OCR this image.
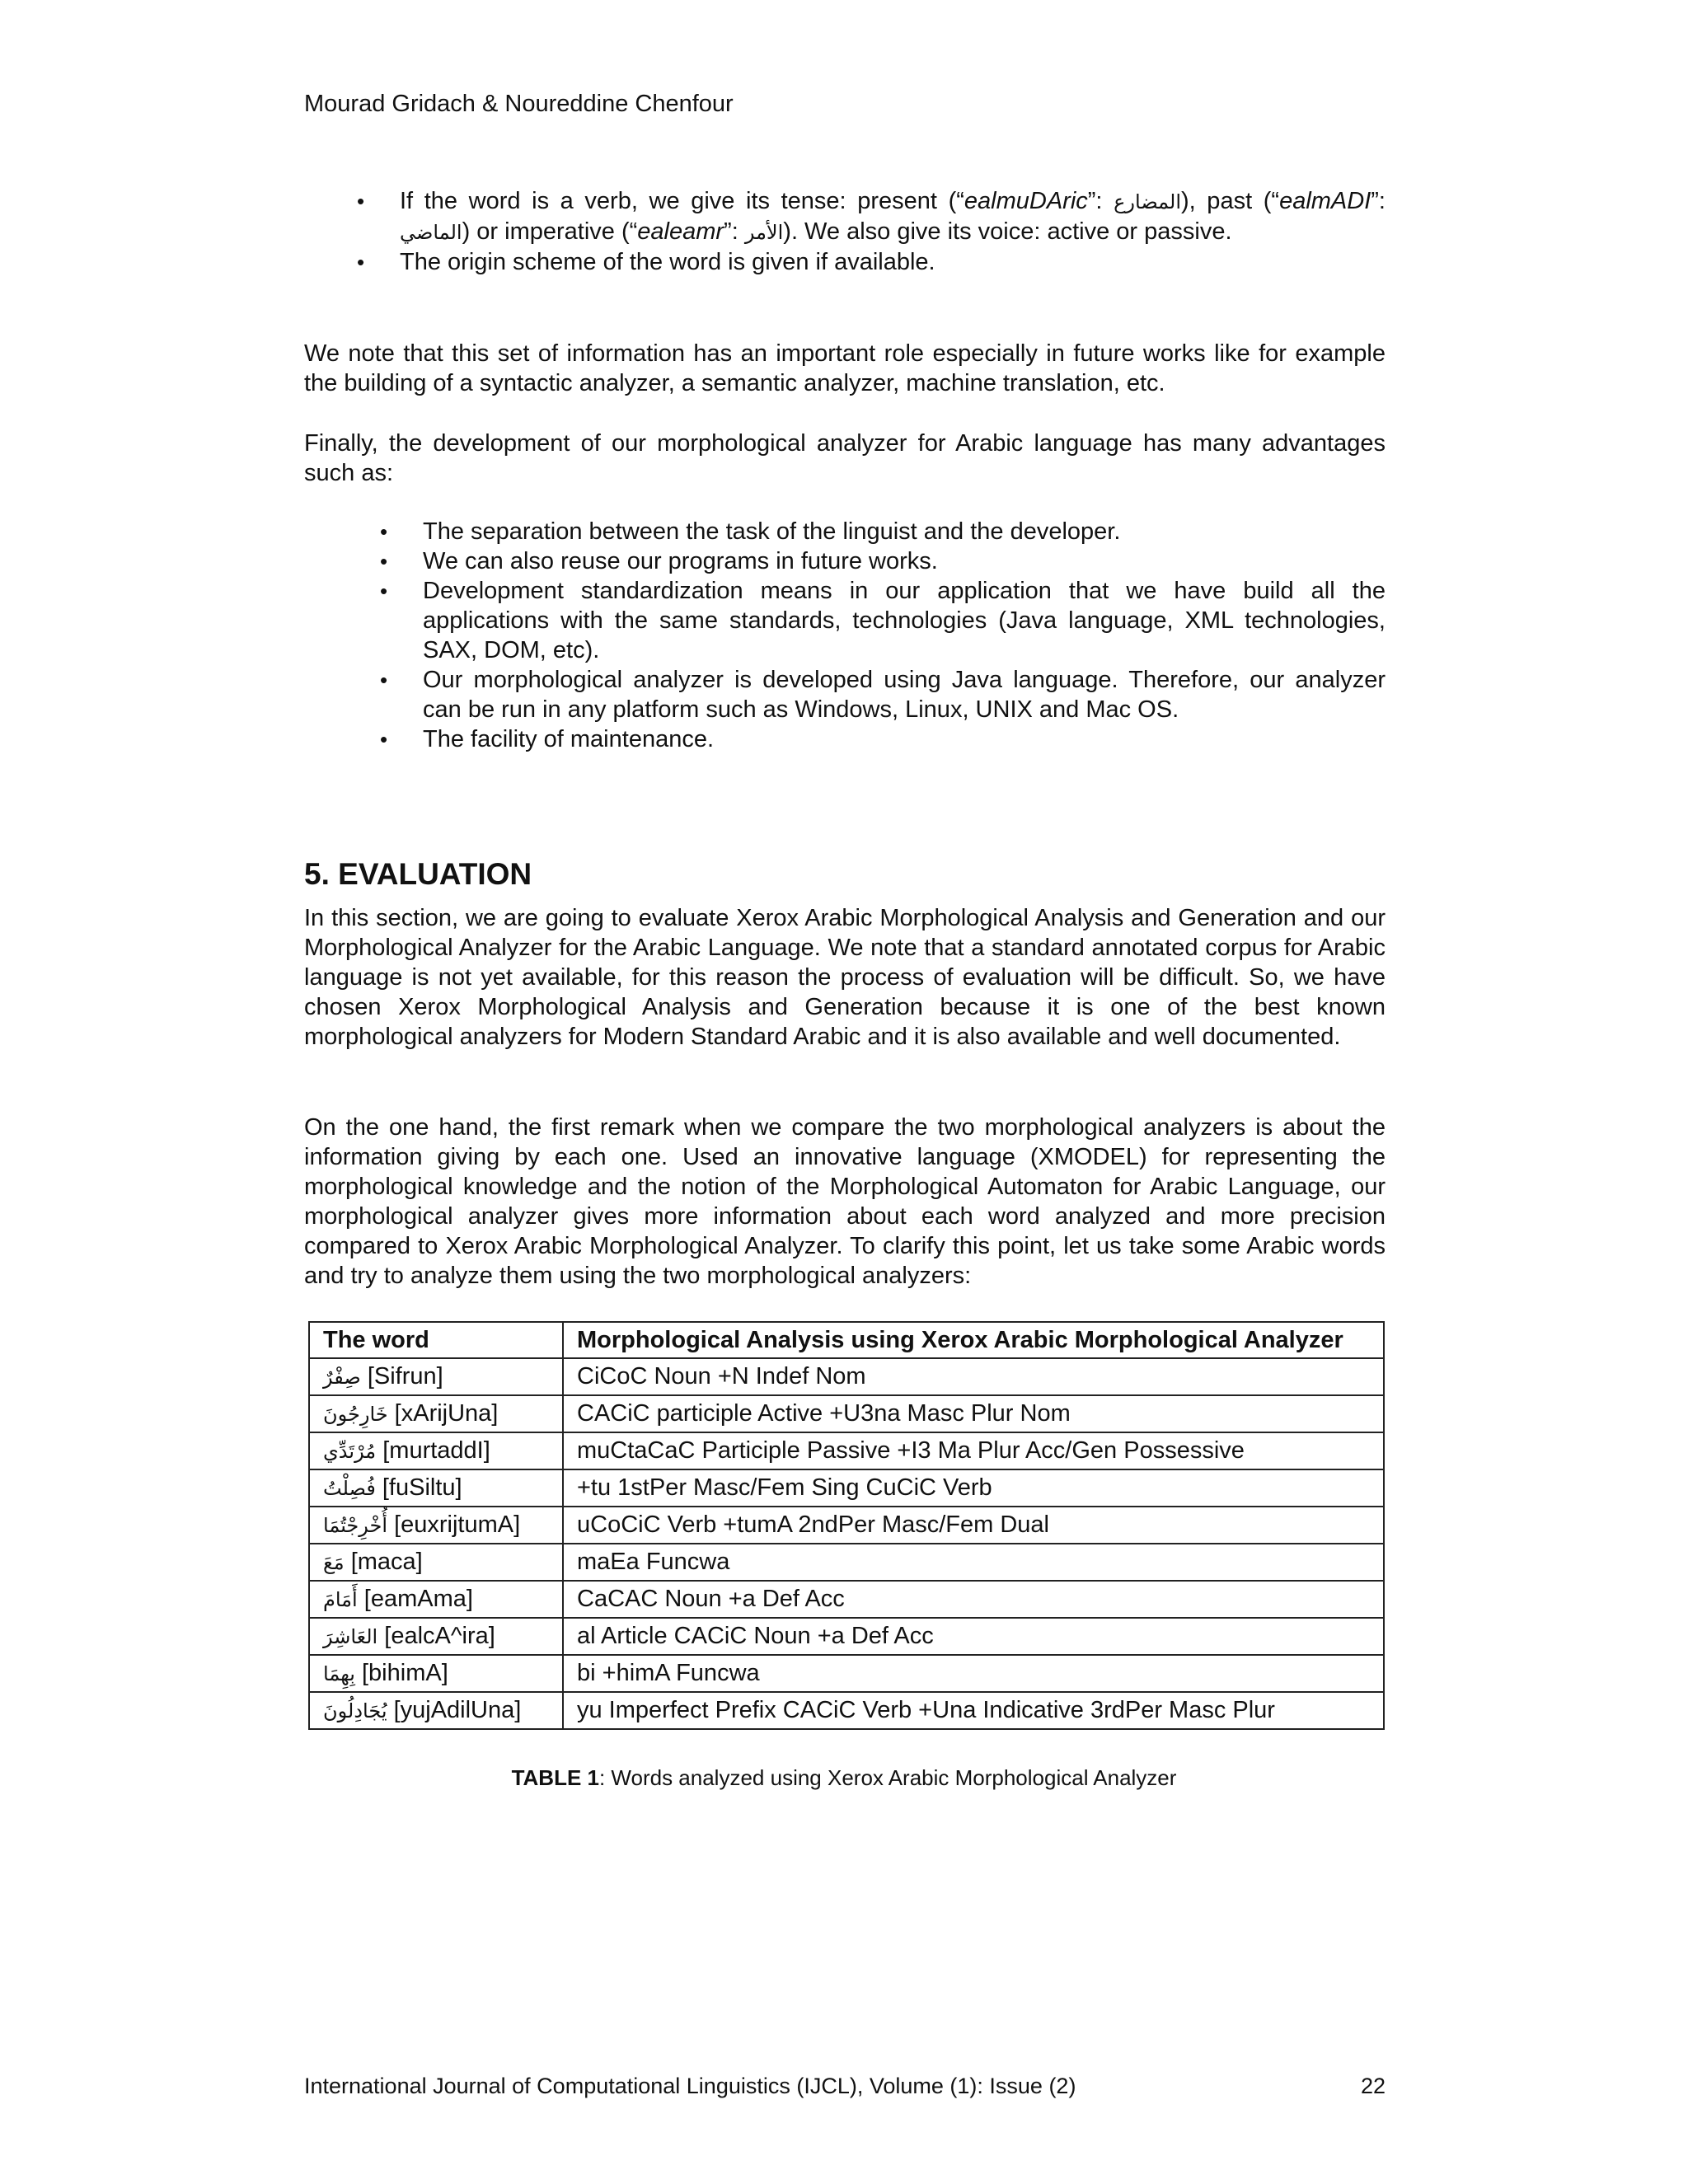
Mourad Gridach & Noureddine Chenfour
• If the word is a verb, we give its tense: present (“ealmuDAric”: المضارع), past (“ealmADI”: الماضي) or imperative (“ealeamr”: الأمر). We also give its voice: active or passive.
• The origin scheme of the word is given if available.

We note that this set of information has an important role especially in future works like for example the building of a syntactic analyzer, a semantic analyzer, machine translation, etc.

Finally, the development of our morphological analyzer for Arabic language has many advantages such as:

• The separation between the task of the linguist and the developer.
• We can also reuse our programs in future works.
• Development standardization means in our application that we have build all the applications with the same standards, technologies (Java language, XML technologies, SAX, DOM, etc).
• Our morphological analyzer is developed using Java language. Therefore, our analyzer can be run in any platform such as Windows, Linux, UNIX and Mac OS.
• The facility of maintenance.
5. EVALUATION

In this section, we are going to evaluate Xerox Arabic Morphological Analysis and Generation and our Morphological Analyzer for the Arabic Language. We note that a standard annotated corpus for Arabic language is not yet available, for this reason the process of evaluation will be difficult. So, we have chosen Xerox Morphological Analysis and Generation because it is one of the best known morphological analyzers for Modern Standard Arabic and it is also available and well documented.

On the one hand, the first remark when we compare the two morphological analyzers is about the information giving by each one. Used an innovative language (XMODEL) for representing the morphological knowledge and the notion of the Morphological Automaton for Arabic Language, our morphological analyzer gives more information about each word analyzed and more precision compared to Xerox Arabic Morphological Analyzer. To clarify this point, let us take some Arabic words and try to analyze them using the two morphological analyzers:

The word	Morphological Analysis using Xerox Arabic Morphological Analyzer
صِفْرٌ [Sifrun]	CiCoC Noun +N Indef Nom
خَارِجُونَ [xArijUna]	CACiC participle Active +U3na Masc Plur Nom
مُرْتَدِّي [murtaddI]	muCtaCaC Participle Passive +I3 Ma Plur Acc/Gen Possessive
فُصِلْتُ [fuSiltu]	+tu 1stPer Masc/Fem Sing CuCiC Verb
أُخْرِجْتُمَا [euxrijtumA]	uCoCiC Verb +tumA 2ndPer Masc/Fem Dual
مَعَ [maca]	maEa Funcwa
أَمَامَ [eamAma]	CaCAC Noun +a Def Acc
العَاشِرَ [ealcA^ira]	al Article CACiC Noun +a Def Acc
بِهِمَا [bihimA]	bi +himA Funcwa
يُجَادِلُونَ [yujAdilUna]	yu Imperfect Prefix CACiC Verb +Una Indicative 3rdPer Masc Plur
TABLE 1: Words analyzed using Xerox Arabic Morphological Analyzer
International Journal of Computational Linguistics (IJCL), Volume (1): Issue (2)	22
